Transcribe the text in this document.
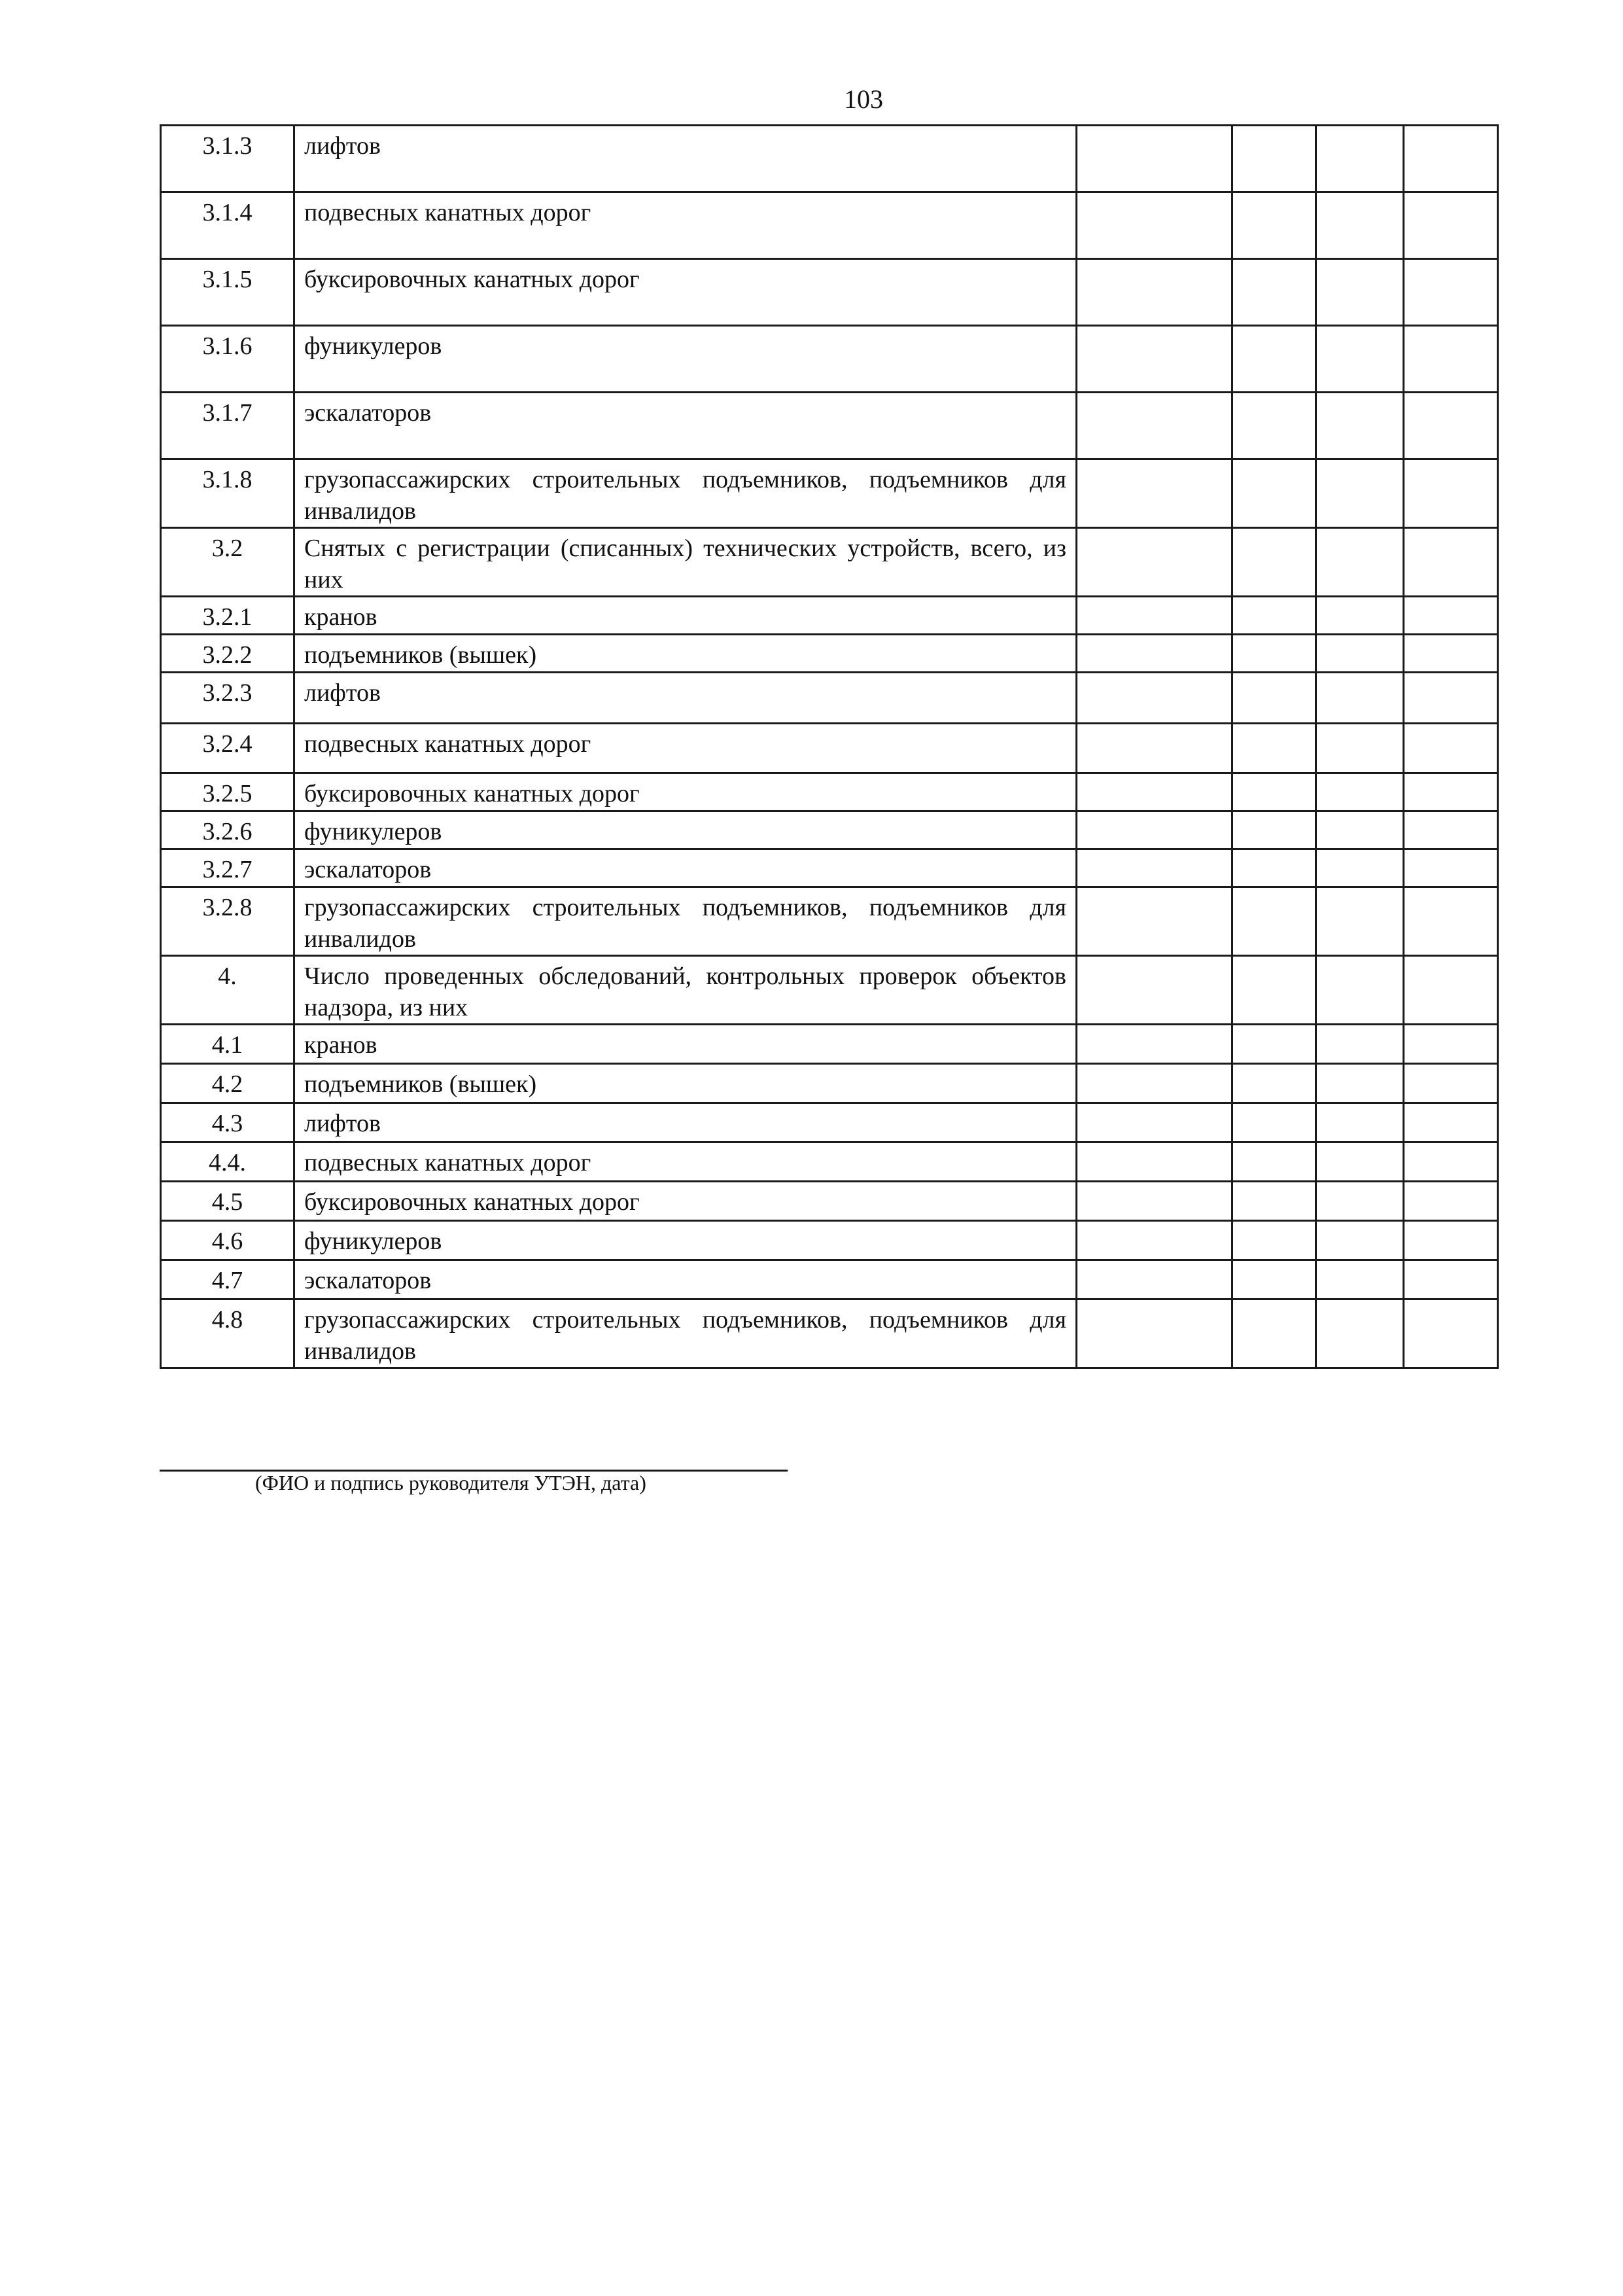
103
3.1.3	лифтов				
3.1.4	подвесных канатных дорог				
3.1.5	буксировочных канатных дорог				
3.1.6	фуникулеров				
3.1.7	эскалаторов				
3.1.8	грузопассажирских строительных подъемников, подъемников для инвалидов				
3.2	Снятых с регистрации (списанных) технических устройств, всего, из них				
3.2.1	кранов				
3.2.2	подъемников (вышек)				
3.2.3	лифтов				
3.2.4	подвесных канатных дорог				
3.2.5	буксировочных канатных дорог				
3.2.6	фуникулеров				
3.2.7	эскалаторов				
3.2.8	грузопассажирских строительных подъемников, подъемников для инвалидов				
4.	Число проведенных обследований, контрольных проверок объектов надзора, из них				
4.1	кранов				
4.2	подъемников (вышек)				
4.3	лифтов				
4.4.	подвесных канатных дорог				
4.5	буксировочных канатных дорог				
4.6	фуникулеров				
4.7	эскалаторов				
4.8	грузопассажирских строительных подъемников, подъемников для инвалидов				
(ФИО и подпись руководителя УТЭН, дата)
